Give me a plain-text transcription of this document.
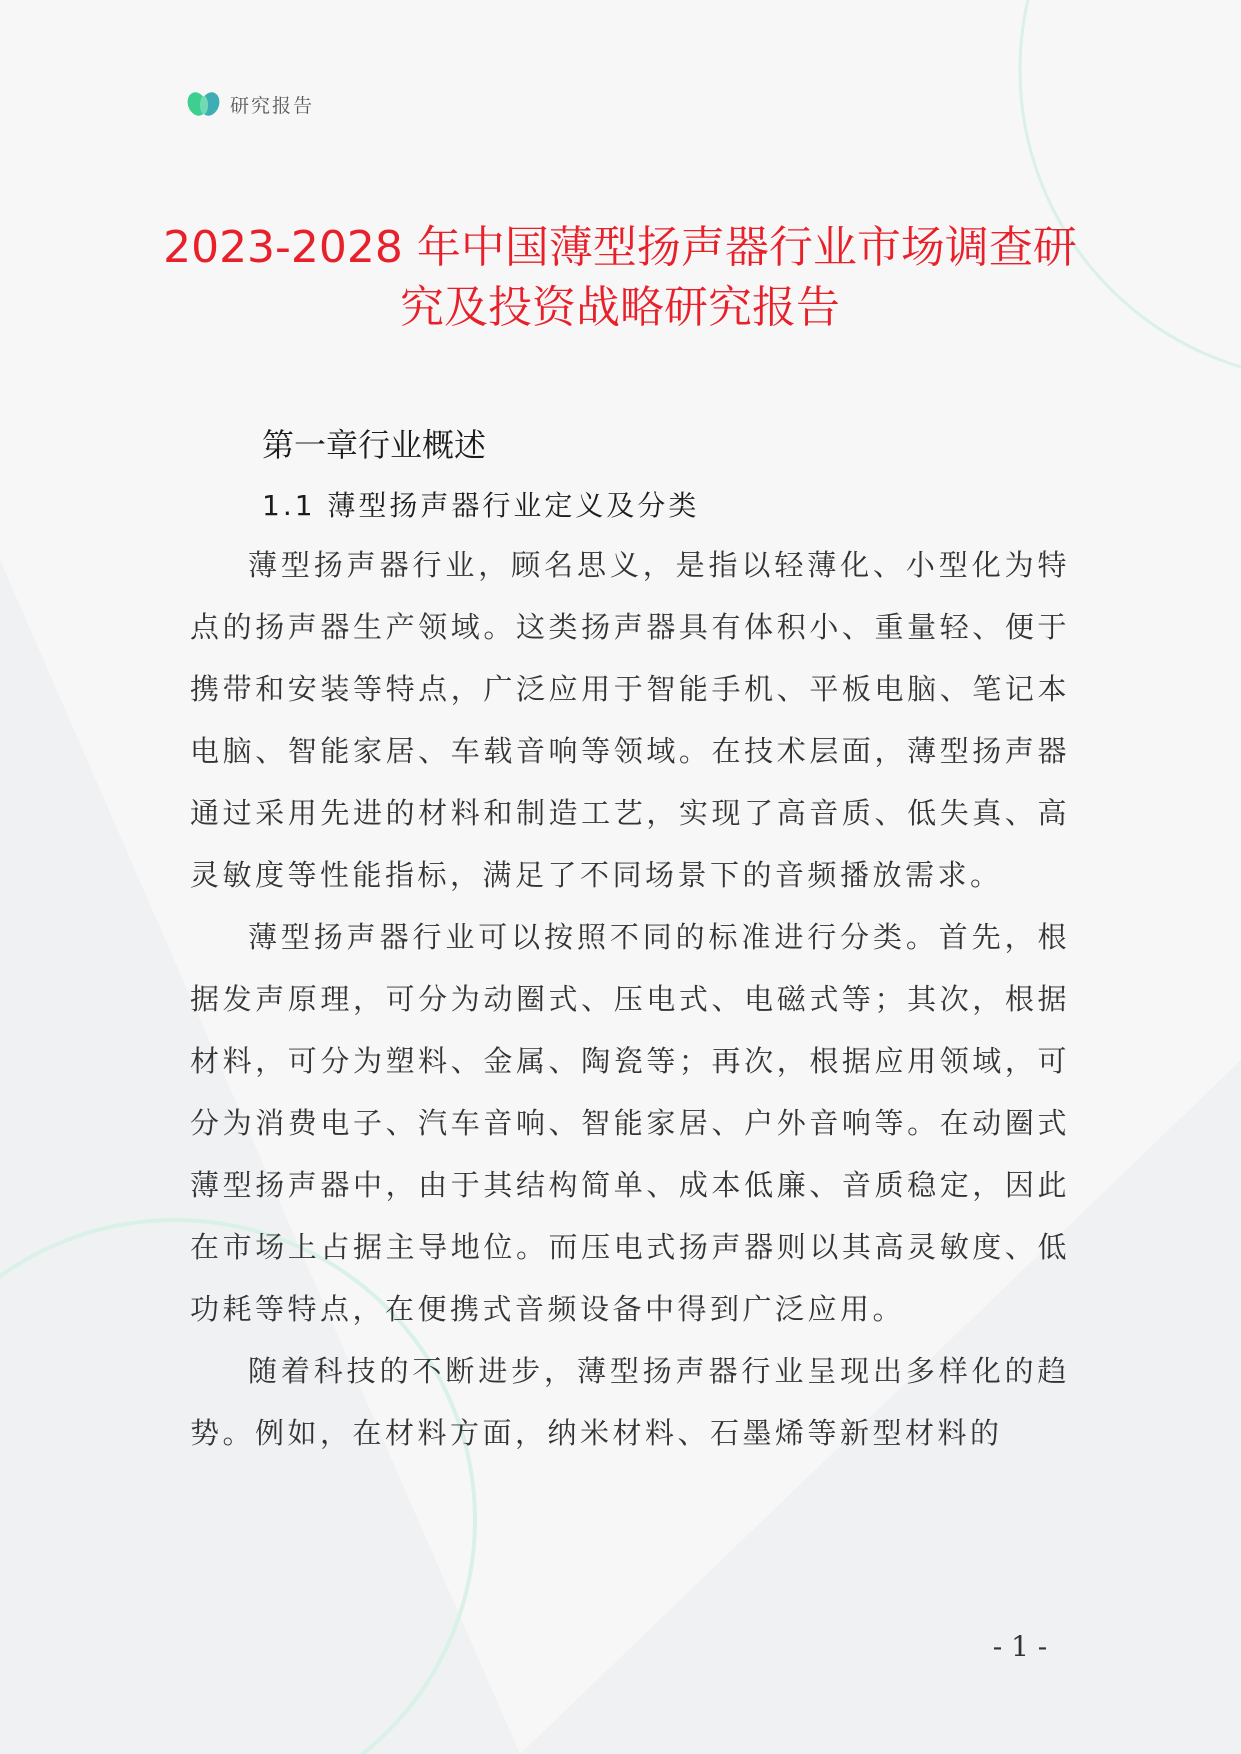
研究报告
2023-2028 年中国薄型扬声器行业市场调查研究及投资战略研究报告
第一章行业概述
1.1 薄型扬声器行业定义及分类

薄型扬声器行业，顾名思义，是指以轻薄化、小型化为特点的扬声器生产领域。这类扬声器具有体积小、重量轻、便于携带和安装等特点，广泛应用于智能手机、平板电脑、笔记本电脑、智能家居、车载音响等领域。在技术层面，薄型扬声器通过采用先进的材料和制造工艺，实现了高音质、低失真、高灵敏度等性能指标，满足了不同场景下的音频播放需求。

薄型扬声器行业可以按照不同的标准进行分类。首先，根据发声原理，可分为动圈式、压电式、电磁式等；其次，根据材料，可分为塑料、金属、陶瓷等；再次，根据应用领域，可分为消费电子、汽车音响、智能家居、户外音响等。在动圈式薄型扬声器中，由于其结构简单、成本低廉、音质稳定，因此在市场上占据主导地位。而压电式扬声器则以其高灵敏度、低功耗等特点，在便携式音频设备中得到广泛应用。

随着科技的不断进步，薄型扬声器行业呈现出多样化的趋势。例如，在材料方面，纳米材料、石墨烯等新型材料的

- 1 -
